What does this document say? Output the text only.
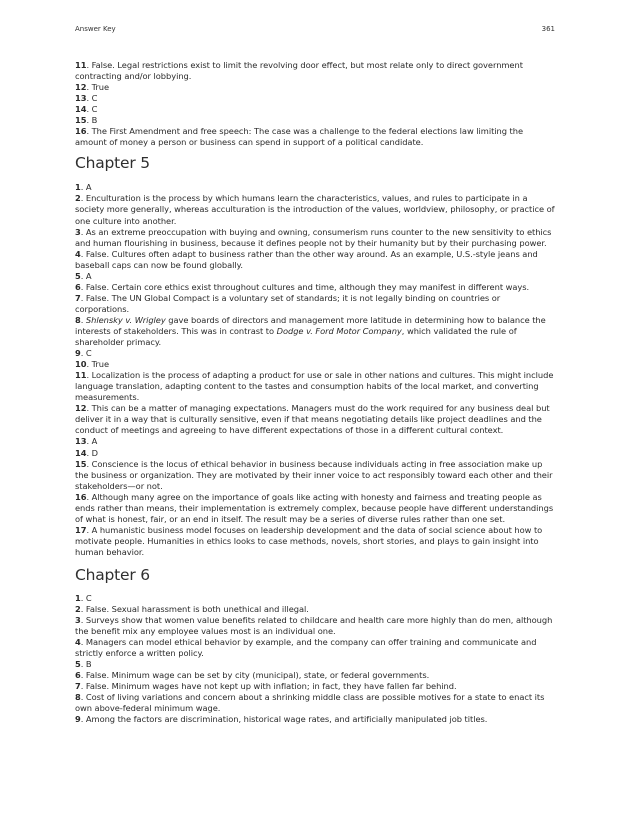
Answer Key	361
11. False. Legal restrictions exist to limit the revolving door effect, but most relate only to direct government contracting and/or lobbying.
12. True
13. C
14. C
15. B
16. The First Amendment and free speech: The case was a challenge to the federal elections law limiting the amount of money a person or business can spend in support of a political candidate.
Chapter 5
1. A
2. Enculturation is the process by which humans learn the characteristics, values, and rules to participate in a society more generally, whereas acculturation is the introduction of the values, worldview, philosophy, or practice of one culture into another.
3. As an extreme preoccupation with buying and owning, consumerism runs counter to the new sensitivity to ethics and human flourishing in business, because it defines people not by their humanity but by their purchasing power.
4. False. Cultures often adapt to business rather than the other way around. As an example, U.S.-style jeans and baseball caps can now be found globally.
5. A
6. False. Certain core ethics exist throughout cultures and time, although they may manifest in different ways.
7. False. The UN Global Compact is a voluntary set of standards; it is not legally binding on countries or corporations.
8. Shlensky v. Wrigley gave boards of directors and management more latitude in determining how to balance the interests of stakeholders. This was in contrast to Dodge v. Ford Motor Company, which validated the rule of shareholder primacy.
9. C
10. True
11. Localization is the process of adapting a product for use or sale in other nations and cultures. This might include language translation, adapting content to the tastes and consumption habits of the local market, and converting measurements.
12. This can be a matter of managing expectations. Managers must do the work required for any business deal but deliver it in a way that is culturally sensitive, even if that means negotiating details like project deadlines and the conduct of meetings and agreeing to have different expectations of those in a different cultural context.
13. A
14. D
15. Conscience is the locus of ethical behavior in business because individuals acting in free association make up the business or organization. They are motivated by their inner voice to act responsibly toward each other and their stakeholders—or not.
16. Although many agree on the importance of goals like acting with honesty and fairness and treating people as ends rather than means, their implementation is extremely complex, because people have different understandings of what is honest, fair, or an end in itself. The result may be a series of diverse rules rather than one set.
17. A humanistic business model focuses on leadership development and the data of social science about how to motivate people. Humanities in ethics looks to case methods, novels, short stories, and plays to gain insight into human behavior.
Chapter 6
1. C
2. False. Sexual harassment is both unethical and illegal.
3. Surveys show that women value benefits related to childcare and health care more highly than do men, although the benefit mix any employee values most is an individual one.
4. Managers can model ethical behavior by example, and the company can offer training and communicate and strictly enforce a written policy.
5. B
6. False. Minimum wage can be set by city (municipal), state, or federal governments.
7. False. Minimum wages have not kept up with inflation; in fact, they have fallen far behind.
8. Cost of living variations and concern about a shrinking middle class are possible motives for a state to enact its own above-federal minimum wage.
9. Among the factors are discrimination, historical wage rates, and artificially manipulated job titles.
